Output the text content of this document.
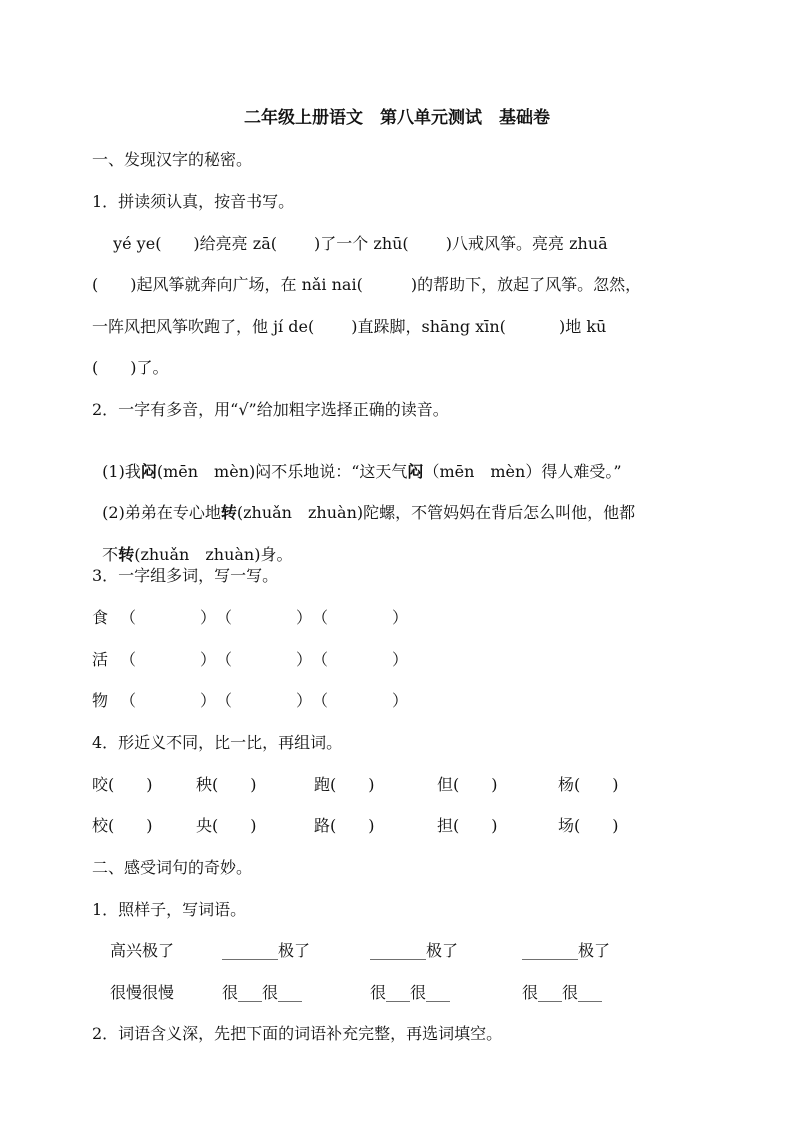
二年级上册语文　第八单元测试　基础卷
一、发现汉字的秘密。
1．拼读须认真，按音书写。
　 yé ye(　　)给亮亮 zā(　　 )了一个 zhū(　　 )八戒风筝。亮亮 zhuā
(　　)起风筝就奔向广场，在 nǎi nai(　　　)的帮助下，放起了风筝。忽然，
一阵风把风筝吹跑了，他 jí de(　　 )直跺脚，shāng xīn(　　　 )地 kū
(　　)了。
2．一字有多音，用“√”给加粗字选择正确的读音。

(1)我闷(mēn　mèn)闷不乐地说：“这天气闷（mēn　mèn）得人难受。”

(2)弟弟在专心地转(zhuǎn　zhuàn)陀螺，不管妈妈在背后怎么叫他，他都

不转(zhuǎn　zhuàn)身。

3．一字组多词，写一写。
食 （　　　　）　（　　　　）　（　　　　）
活 （　　　　）　（　　　　）　（　　　　）
物 （　　　　）　（　　　　）　（　　　　）
4．形近义不同，比一比，再组词。
咬(　　)	秧(　　)	跑(　　)	但(　　)	杨(　　)
校(　　)	央(　　)	路(　　)	担(　　)	场(　　)
二、感受词句的奇妙。
1．照样子，写词语。
高兴极了	_______极了	_______极了	_______极了
很慢很慢	很___很___	很___很___	很___很___
2．词语含义深，先把下面的词语补充完整，再选词填空。
